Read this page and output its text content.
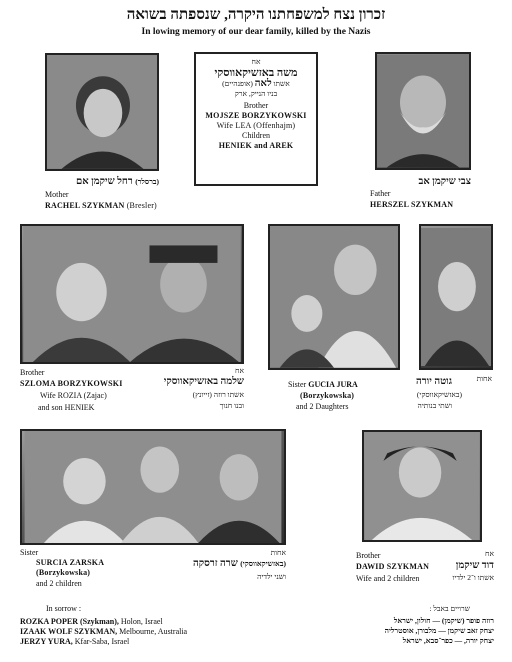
זכרון נצח למשפחתנו היקרה, שנספתה בשואה
In lowing memory of our dear family, killed by the Nazis
(ברסלר) רחל שיקמן אם
Mother
RACHEL SZYKMAN (Bresler)
אח
משה באזשיקאווסקי
אשתו לאה (אופנהיים)
בניו הנייק, ארק
Brother
MOJSZE BORZYKOWSKI
Wife LEA (Offenhajm)
Children
HENIEK and AREK
צבי שיקמן אב
Father
HERSZEL SZYKMAN
Brother
SZLOMA BORZYKOWSKI
Wife ROZIA (Zajac)
and son HENIEK
אח
שלמה באזשיקאווסקי
אשתו רוזה (זייונץ)
ובנו חנוך
אחות
גוטה יורה
(באזשיקאווסקי)
ושתי בנותיה
Sister GUCIA JURA
(Borzykowska)
and 2 Daughters
Sister
SURCIA ZARSKA
(Borzykowska)
and 2 children
אחות
(באזשיקאווסקי) שרה זרסקה
ושני ילדיה
אח
Brother
DAWID SZYKMAN
Wife and 2 children
דוד שיקמן
אשתו ו־2 ילדיו
In sorrow :
ROZKA POPER (Szykman), Holon, Israel
IZAAK WOLF SZYKMAN, Melbourne, Australia
JERZY YURA, Kfar-Saba, Israel
שרויים באבל :
רוזה פופר (שיקמן) — חולון, ישראל
יצחק זאב שיקמן — מלבורן, אוסטרליה
יצחק יורה, — כפר־סבא, ישראל
